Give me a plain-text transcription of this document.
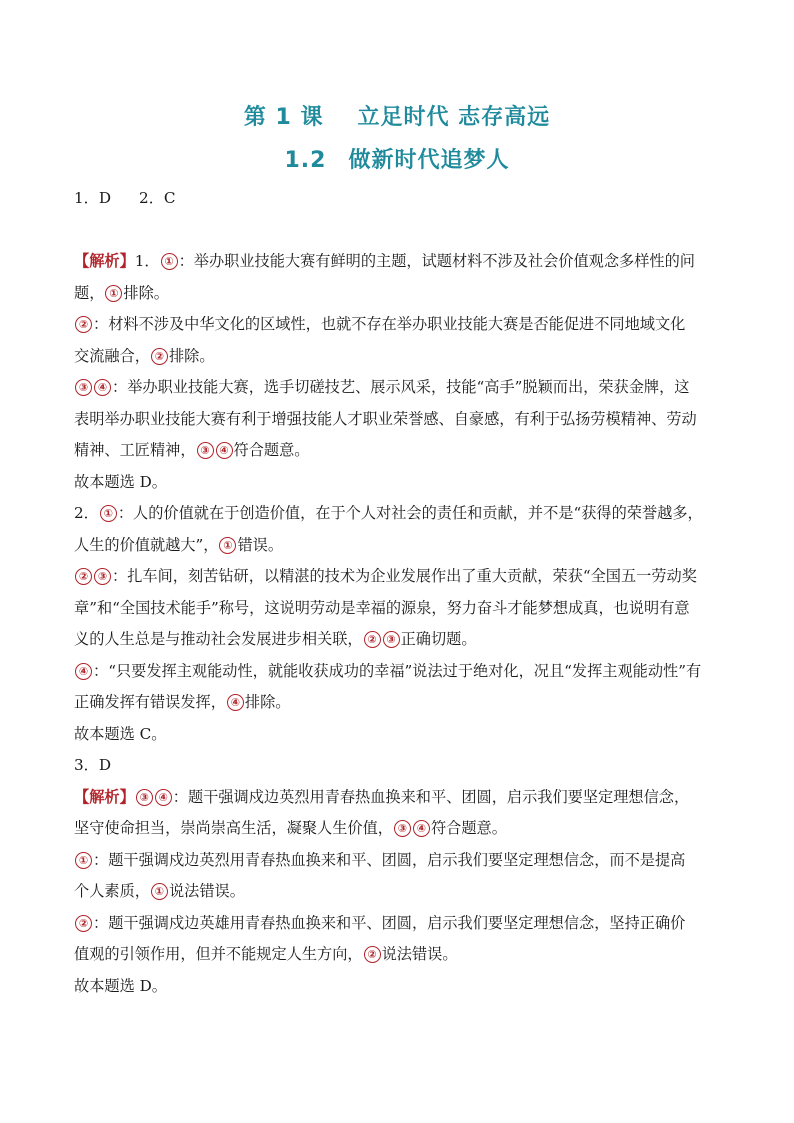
第 1 课 立足时代 志存高远
1.2 做新时代追梦人
1．D 2．C
【解析】1． ① ：举办职业技能大赛有鲜明的主题，试题材料不涉及社会价值观念多样性的问
题， ① 排除。
② ：材料不涉及中华文化的区域性，也就不存在举办职业技能大赛是否能促进不同地域文化
交流融合， ② 排除。
③ ④ ：举办职业技能大赛，选手切磋技艺、展示风采，技能“高手”脱颖而出，荣获金牌，这
表明举办职业技能大赛有利于增强技能人才职业荣誉感、自豪感，有利于弘扬劳模精神、劳动
精神、工匠精神， ③ ④ 符合题意。
故本题选 D。
2． ① ：人的价值就在于创造价值，在于个人对社会的责任和贡献，并不是“获得的荣誉越多，
人生的价值就越大”， ① 错误。
② ③ ：扎车间，刻苦钻研，以精湛的技术为企业发展作出了重大贡献，荣获“全国五一劳动奖
章”和“全国技术能手”称号，这说明劳动是幸福的源泉，努力奋斗才能梦想成真，也说明有意
义的人生总是与推动社会发展进步相关联， ② ③ 正确切题。
④ ：“只要发挥主观能动性，就能收获成功的幸福”说法过于绝对化，况且“发挥主观能动性”有
正确发挥有错误发挥， ④ 排除。
故本题选 C。
3．D
【解析】 ③ ④ ：题干强调戍边英烈用青春热血换来和平、团圆，启示我们要坚定理想信念，
坚守使命担当，崇尚崇高生活，凝聚人生价值， ③ ④ 符合题意。
① ：题干强调戍边英烈用青春热血换来和平、团圆，启示我们要坚定理想信念，而不是提高
个人素质， ① 说法错误。
② ：题干强调戍边英雄用青春热血换来和平、团圆，启示我们要坚定理想信念，坚持正确价
值观的引领作用，但并不能规定人生方向， ② 说法错误。
故本题选 D。
